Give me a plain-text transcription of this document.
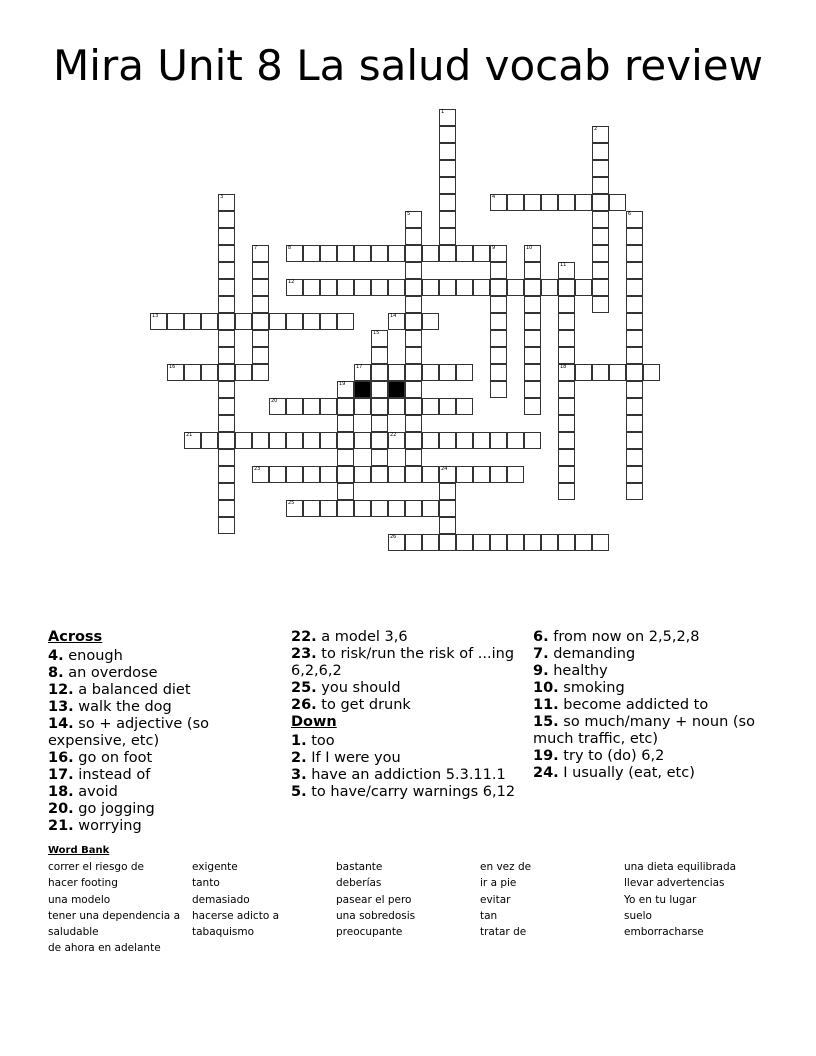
Mira Unit 8 La salud vocab review
1
2
3	4
5	6
7	8	9	10
11
18
12
13	14
15
16	17
19
20
21	22
23	24
25
26
Across
4. enough
8. an overdose
12. a balanced diet
13. walk the dog
14. so + adjective (so expensive, etc)
16. go on foot
17. instead of
18. avoid
20. go jogging
21. worrying
22. a model 3,6
23. to risk/run the risk of ...ing 6,2,6,2
25. you should
26. to get drunk
Down
1. too
2. If I were you
3. have an addiction 5.3.11.1
5. to have/carry warnings 6,12
6. from now on 2,5,2,8
7. demanding
9. healthy
10. smoking
11. become addicted to
15. so much/many + noun (so much traffic, etc)
19. try to (do) 6,2
24. I usually (eat, etc)
Word Bank
correr el riesgo de
hacer footing
una modelo
tener una dependencia a
saludable
de ahora en adelante
exigente
tanto
demasiado
hacerse adicto a
tabaquismo
bastante
deberías
pasear el pero
una sobredosis
preocupante
en vez de
ir a pie
evitar
tan
tratar de
una dieta equilibrada
llevar advertencias
Yo en tu lugar
suelo
emborracharse
